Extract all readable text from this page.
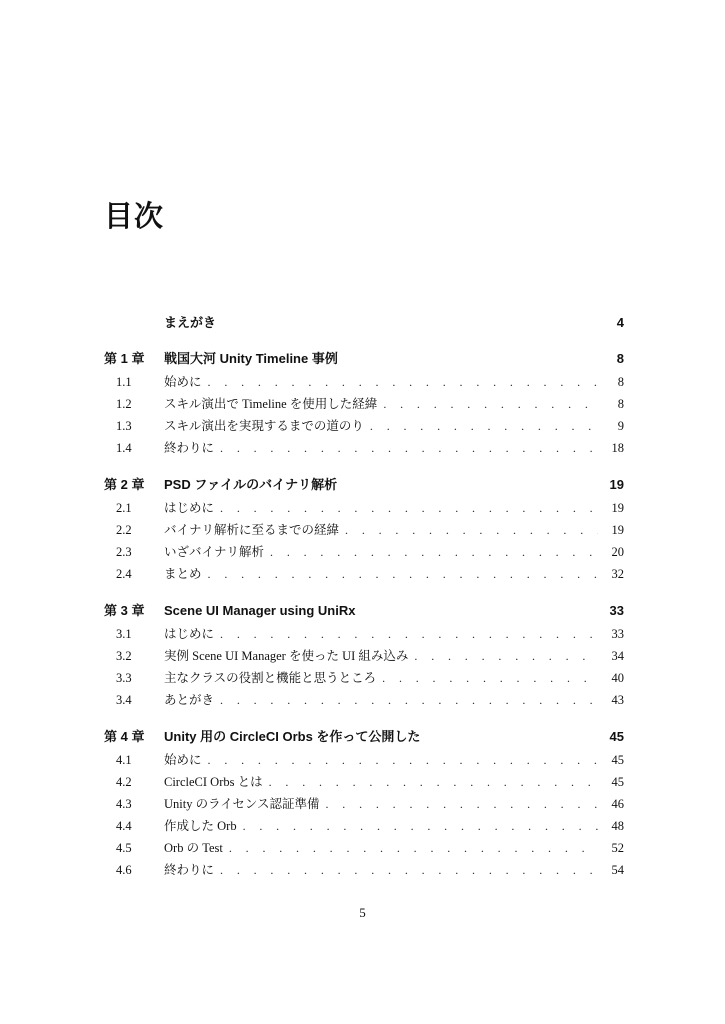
目次
まえがき	4
第 1 章	戦国大河 Unity Timeline 事例	8
1.1	始めに . . .	8
1.2	スキル演出で Timeline を使用した経緯 . . .	8
1.3	スキル演出を実現するまでの道のり . . .	9
1.4	終わりに . . .	18
第 2 章	PSD ファイルのバイナリ解析	19
2.1	はじめに . . .	19
2.2	バイナリ解析に至るまでの経緯 . . .	19
2.3	いざバイナリ解析 . . .	20
2.4	まとめ . . .	32
第 3 章	Scene UI Manager using UniRx	33
3.1	はじめに . . .	33
3.2	実例 Scene UI Manager を使った UI 組み込み . . .	34
3.3	主なクラスの役割と機能と思うところ . . .	40
3.4	あとがき . . .	43
第 4 章	Unity 用の CircleCI Orbs を作って公開した	45
4.1	始めに . . .	45
4.2	CircleCI Orbs とは . . .	45
4.3	Unity のライセンス認証準備 . . .	46
4.4	作成した Orb . . .	48
4.5	Orb の Test . . .	52
4.6	終わりに . . .	54
5
